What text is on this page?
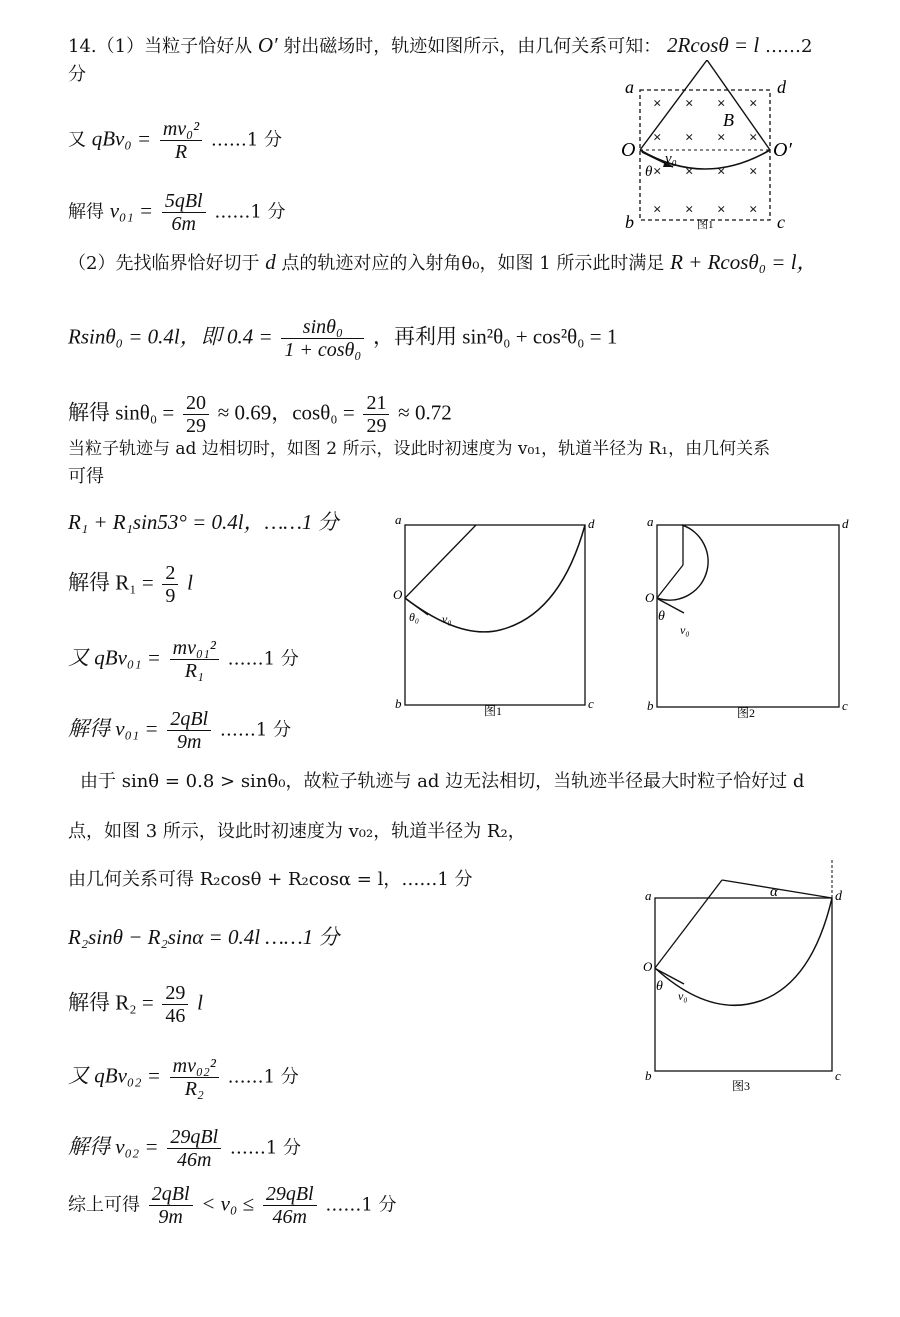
14.（1）当粒子恰好从 O′ 射出磁场时，轨迹如图所示，由几何关系可知： 2Rcosθ = l ……2
分
又 $qBv_0 = \frac{\text{mv₀²}}{R}$ ……1 分
解得 $v_{01} = \frac{\text{5qBl}}{6m}$ ……1 分
× × × ×
× × × ×
× × × ×
× × × ×
a	d
b	c
O	O′
B
v₀
θ
图1
（2）先找临界恰好切于 d 点的轨迹对应的入射角θ₀，如图 1 所示此时满足 R + Rcosθ₀ = l，
Rsinθ₀ = 0.4l，即 $0.4 = \frac{\text{sinθ₀}}{\text{1 + cosθ₀}}$ ，再利用 sin²θ₀ + cos²θ₀ = 1
解得 $\sin\theta_0 = \frac{20}{29} \approx 0.69$，$\cos\theta_0 = \frac{21}{29} \approx 0.72$
当粒子轨迹与 ad 边相切时，如图 2 所示，设此时初速度为 v₀₁，轨道半径为 R₁，由几何关系
可得
R₁ + R₁sin53° = 0.4l，……1 分
解得 $R_1 = \frac{2}{9}$ l
又 $qBv_{01} = \frac{\text{mv₀₁²}}{\text{R₁}}$ ……1 分
解得 $v_{01} = \frac{\text{2qBl}}{9m}$ ……1 分
a	d
b	c
O
θ₀ v₀
图1
a	d
b	c
O
θ
v₀
图2
由于 sinθ = 0.8 > sinθ₀，故粒子轨迹与 ad 边无法相切，当轨迹半径最大时粒子恰好过 d
点，如图 3 所示，设此时初速度为 v₀₂，轨道半径为 R₂，
由几何关系可得 R₂cosθ + R₂cosα = l，……1 分
R₂sinθ − R₂sinα = 0.4l ……1 分
解得 $R_2 = \frac{29}{46}$ l
又 $qBv_{02} = \frac{\text{mv₀₂²}}{\text{R₂}}$ ……1 分
解得 $v_{02} = \frac{\text{29qBl}}{46m}$ ……1 分
综上可得 $\frac{\text{2qBl}}{9m} < v_0 \le \frac{\text{29qBl}}{46m}$ ……1 分
a	d
b	c
O
θ
v₀
α
图3
